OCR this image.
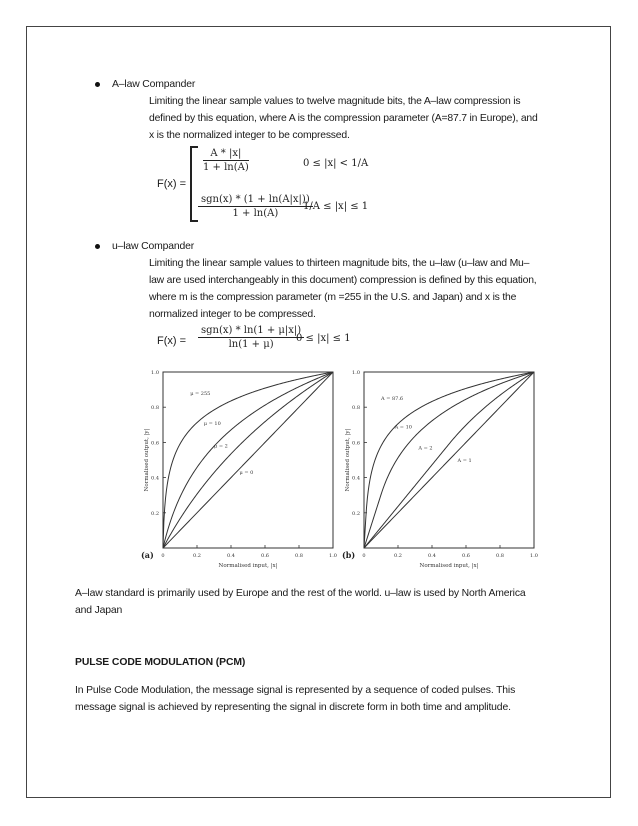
A–law Compander
Limiting the linear sample values to twelve magnitude bits, the A–law compression is
defined by this equation, where A is the compression parameter (A=87.7 in Europe), and
x is the normalized integer to be compressed.
F(x) =
$\frac{A * |x|}{1 + \ln(A)}$	0 ≤ |x| < 1/A
sgn(x) * (1 + ln(A|x|))
1 + ln(A)
1/A ≤ |x| ≤ 1
u–law Compander
Limiting the linear sample values to thirteen magnitude bits, the u–law (u–law and Mu–
law are used interchangeably in this document) compression is defined by this equation,
where m is the compression parameter (m =255 in the U.S. and Japan) and x is the
normalized integer to be compressed.
F(x) =
sgn(x) * ln(1 + μ|x|)
ln(1 + μ)
0 ≤ |x| ≤ 1
0	0.2	0.4	0.6	0.8	1.0
0.2
0.4
0.6
0.8
1.0
Normalised input, |x|
Normalised output, |y|
(a)
μ = 255
μ = 10
μ = 2
μ = 0
0	0.2	0.4	0.6	0.8	1.0
0.2
0.4
0.6
0.8
1.0
Normalised input, |x|
Normalised output, |y|
(b)
A = 87.6
A = 10
A = 2
A = 1
A–law standard is primarily used by Europe and the rest of the world. u–law is used by North America
and Japan
PULSE CODE MODULATION (PCM)
In Pulse Code Modulation, the message signal is represented by a sequence of coded pulses. This
message signal is achieved by representing the signal in discrete form in both time and amplitude.
